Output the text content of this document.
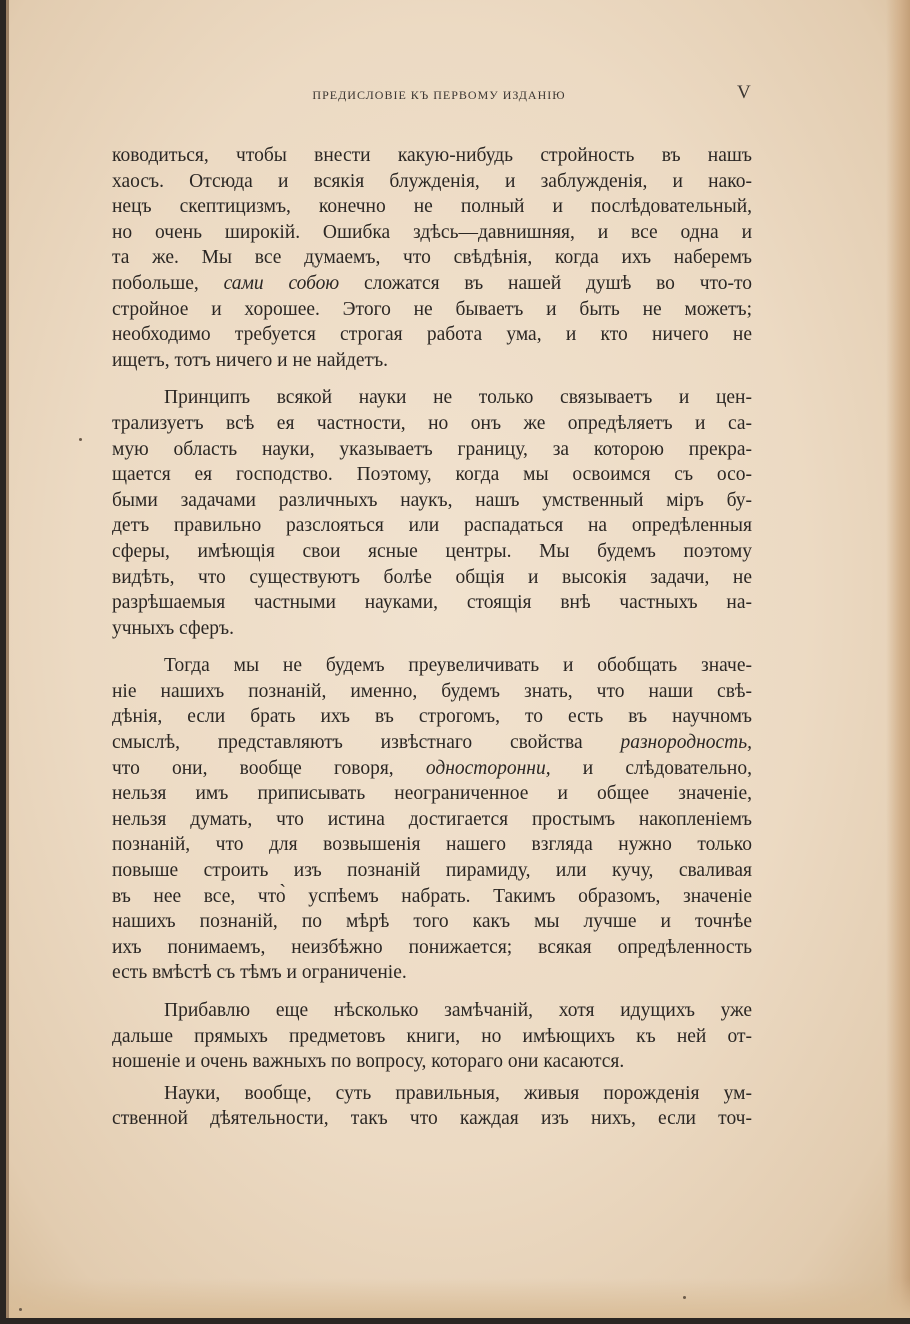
ПРЕДИСЛОВІЕ КЪ ПЕРВОМУ ИЗДАНІЮ	V
ководиться, чтобы внести какую-нибудь стройность въ нашъ
хаосъ. Отсюда и всякія блужденія, и заблужденія, и нако-
нецъ скептицизмъ, конечно не полный и послѣдовательный,
но очень широкій. Ошибка здѣсь—давнишняя, и все одна и
та же. Мы все думаемъ, что свѣдѣнія, когда ихъ наберемъ
побольше, сами собою сложатся въ нашей душѣ во что-то
стройное и хорошее. Этого не бываетъ и быть не можетъ;
необходимо требуется строгая работа ума, и кто ничего не
ищетъ, тотъ ничего и не найдетъ.
Принципъ всякой науки не только связываетъ и цен-
трализуетъ всѣ ея частности, но онъ же опредѣляетъ и са-
мую область науки, указываетъ границу, за которою прекра-
щается ея господство. Поэтому, когда мы освоимся съ осо-
быми задачами различныхъ наукъ, нашъ умственный міръ бу-
детъ правильно разслояться или распадаться на опредѣленныя
сферы, имѣющія свои ясные центры. Мы будемъ поэтому
видѣть, что существуютъ болѣе общія и высокія задачи, не
разрѣшаемыя частными науками, стоящія внѣ частныхъ на-
учныхъ сферъ.
Тогда мы не будемъ преувеличивать и обобщать значе-
ніе нашихъ познаній, именно, будемъ знать, что наши свѣ-
дѣнія, если брать ихъ въ строгомъ, то есть въ научномъ
смыслѣ, представляютъ извѣстнаго свойства разнородность,
что они, вообще говоря, односторонни, и слѣдовательно,
нельзя имъ приписывать неограниченное и общее значеніе,
нельзя думать, что истина достигается простымъ накопленіемъ
познаній, что для возвышенія нашего взгляда нужно только
повыше строить изъ познаній пирамиду, или кучу, сваливая
въ нее все, что̀ успѣемъ набрать. Такимъ образомъ, значеніе
нашихъ познаній, по мѣрѣ того какъ мы лучше и точнѣе
ихъ понимаемъ, неизбѣжно понижается; всякая опредѣленность
есть вмѣстѣ съ тѣмъ и ограниченіе.
Прибавлю еще нѣсколько замѣчаній, хотя идущихъ уже
дальше прямыхъ предметовъ книги, но имѣющихъ къ ней от-
ношеніе и очень важныхъ по вопросу, котораго они касаются.
Науки, вообще, суть правильныя, живыя порожденія ум-
ственной дѣятельности, такъ что каждая изъ нихъ, если точ-
